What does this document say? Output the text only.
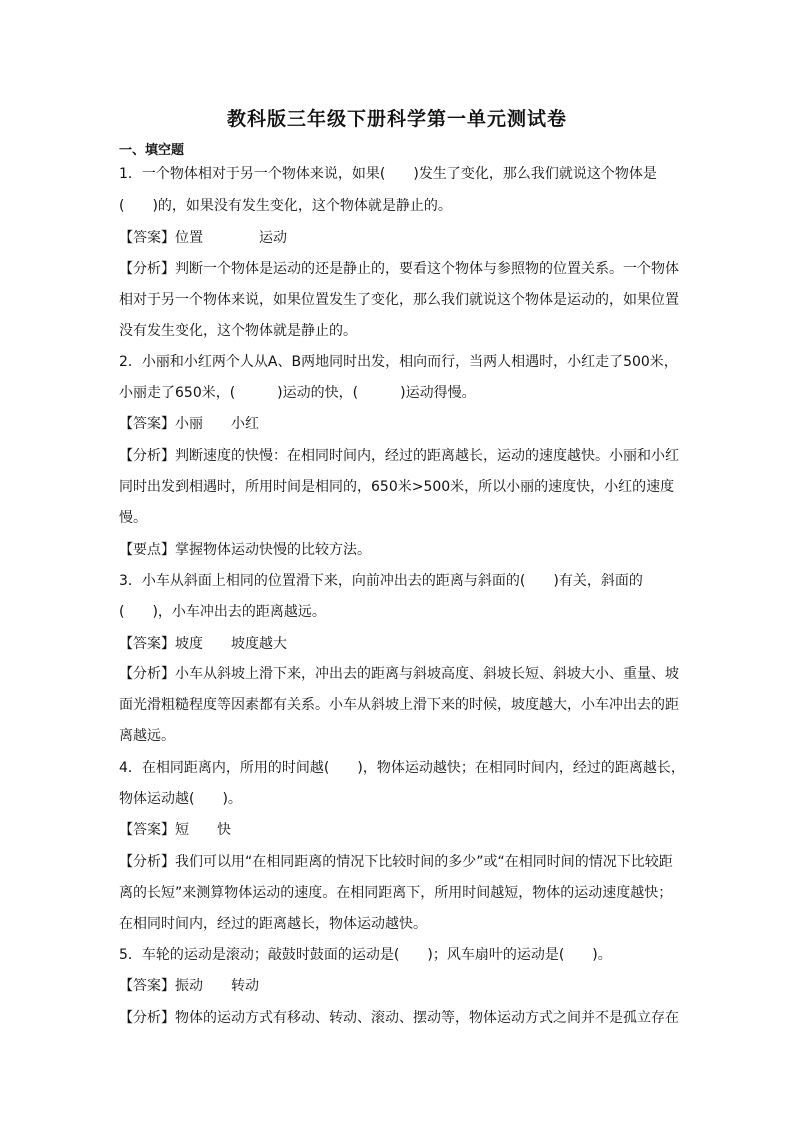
教科版三年级下册科学第一单元测试卷
一、填空题
1．一个物体相对于另一个物体来说，如果(　　)发生了变化，那么我们就说这个物体是
(　　)的，如果没有发生变化，这个物体就是静止的。
【答案】位置　　　　运动
【分析】判断一个物体是运动的还是静止的，要看这个物体与参照物的位置关系。一个物体
相对于另一个物体来说，如果位置发生了变化，那么我们就说这个物体是运动的，如果位置
没有发生变化，这个物体就是静止的。
2．小丽和小红两个人从A、B两地同时出发，相向而行，当两人相遇时，小红走了500米，
小丽走了650米，(　　　)运动的快，(　　　)运动得慢。
【答案】小丽　　小红
【分析】判断速度的快慢：在相同时间内，经过的距离越长，运动的速度越快。小丽和小红
同时出发到相遇时，所用时间是相同的，650米>500米，所以小丽的速度快，小红的速度
慢。
【要点】掌握物体运动快慢的比较方法。
3．小车从斜面上相同的位置滑下来，向前冲出去的距离与斜面的(　　)有关，斜面的
(　　)，小车冲出去的距离越远。
【答案】坡度　　坡度越大
【分析】小车从斜坡上滑下来，冲出去的距离与斜坡高度、斜坡长短、斜坡大小、重量、坡
面光滑粗糙程度等因素都有关系。小车从斜坡上滑下来的时候，坡度越大，小车冲出去的距
离越远。
4．在相同距离内，所用的时间越(　　)，物体运动越快；在相同时间内，经过的距离越长，
物体运动越(　　)。
【答案】短　　快
【分析】我们可以用“在相同距离的情况下比较时间的多少”或“在相同时间的情况下比较距
离的长短”来测算物体运动的速度。在相同距离下，所用时间越短，物体的运动速度越快；
在相同时间内，经过的距离越长，物体运动越快。
5．车轮的运动是滚动；敲鼓时鼓面的运动是(　　)；风车扇叶的运动是(　　)。
【答案】振动　　转动
【分析】物体的运动方式有移动、转动、滚动、摆动等，物体运动方式之间并不是孤立存在
